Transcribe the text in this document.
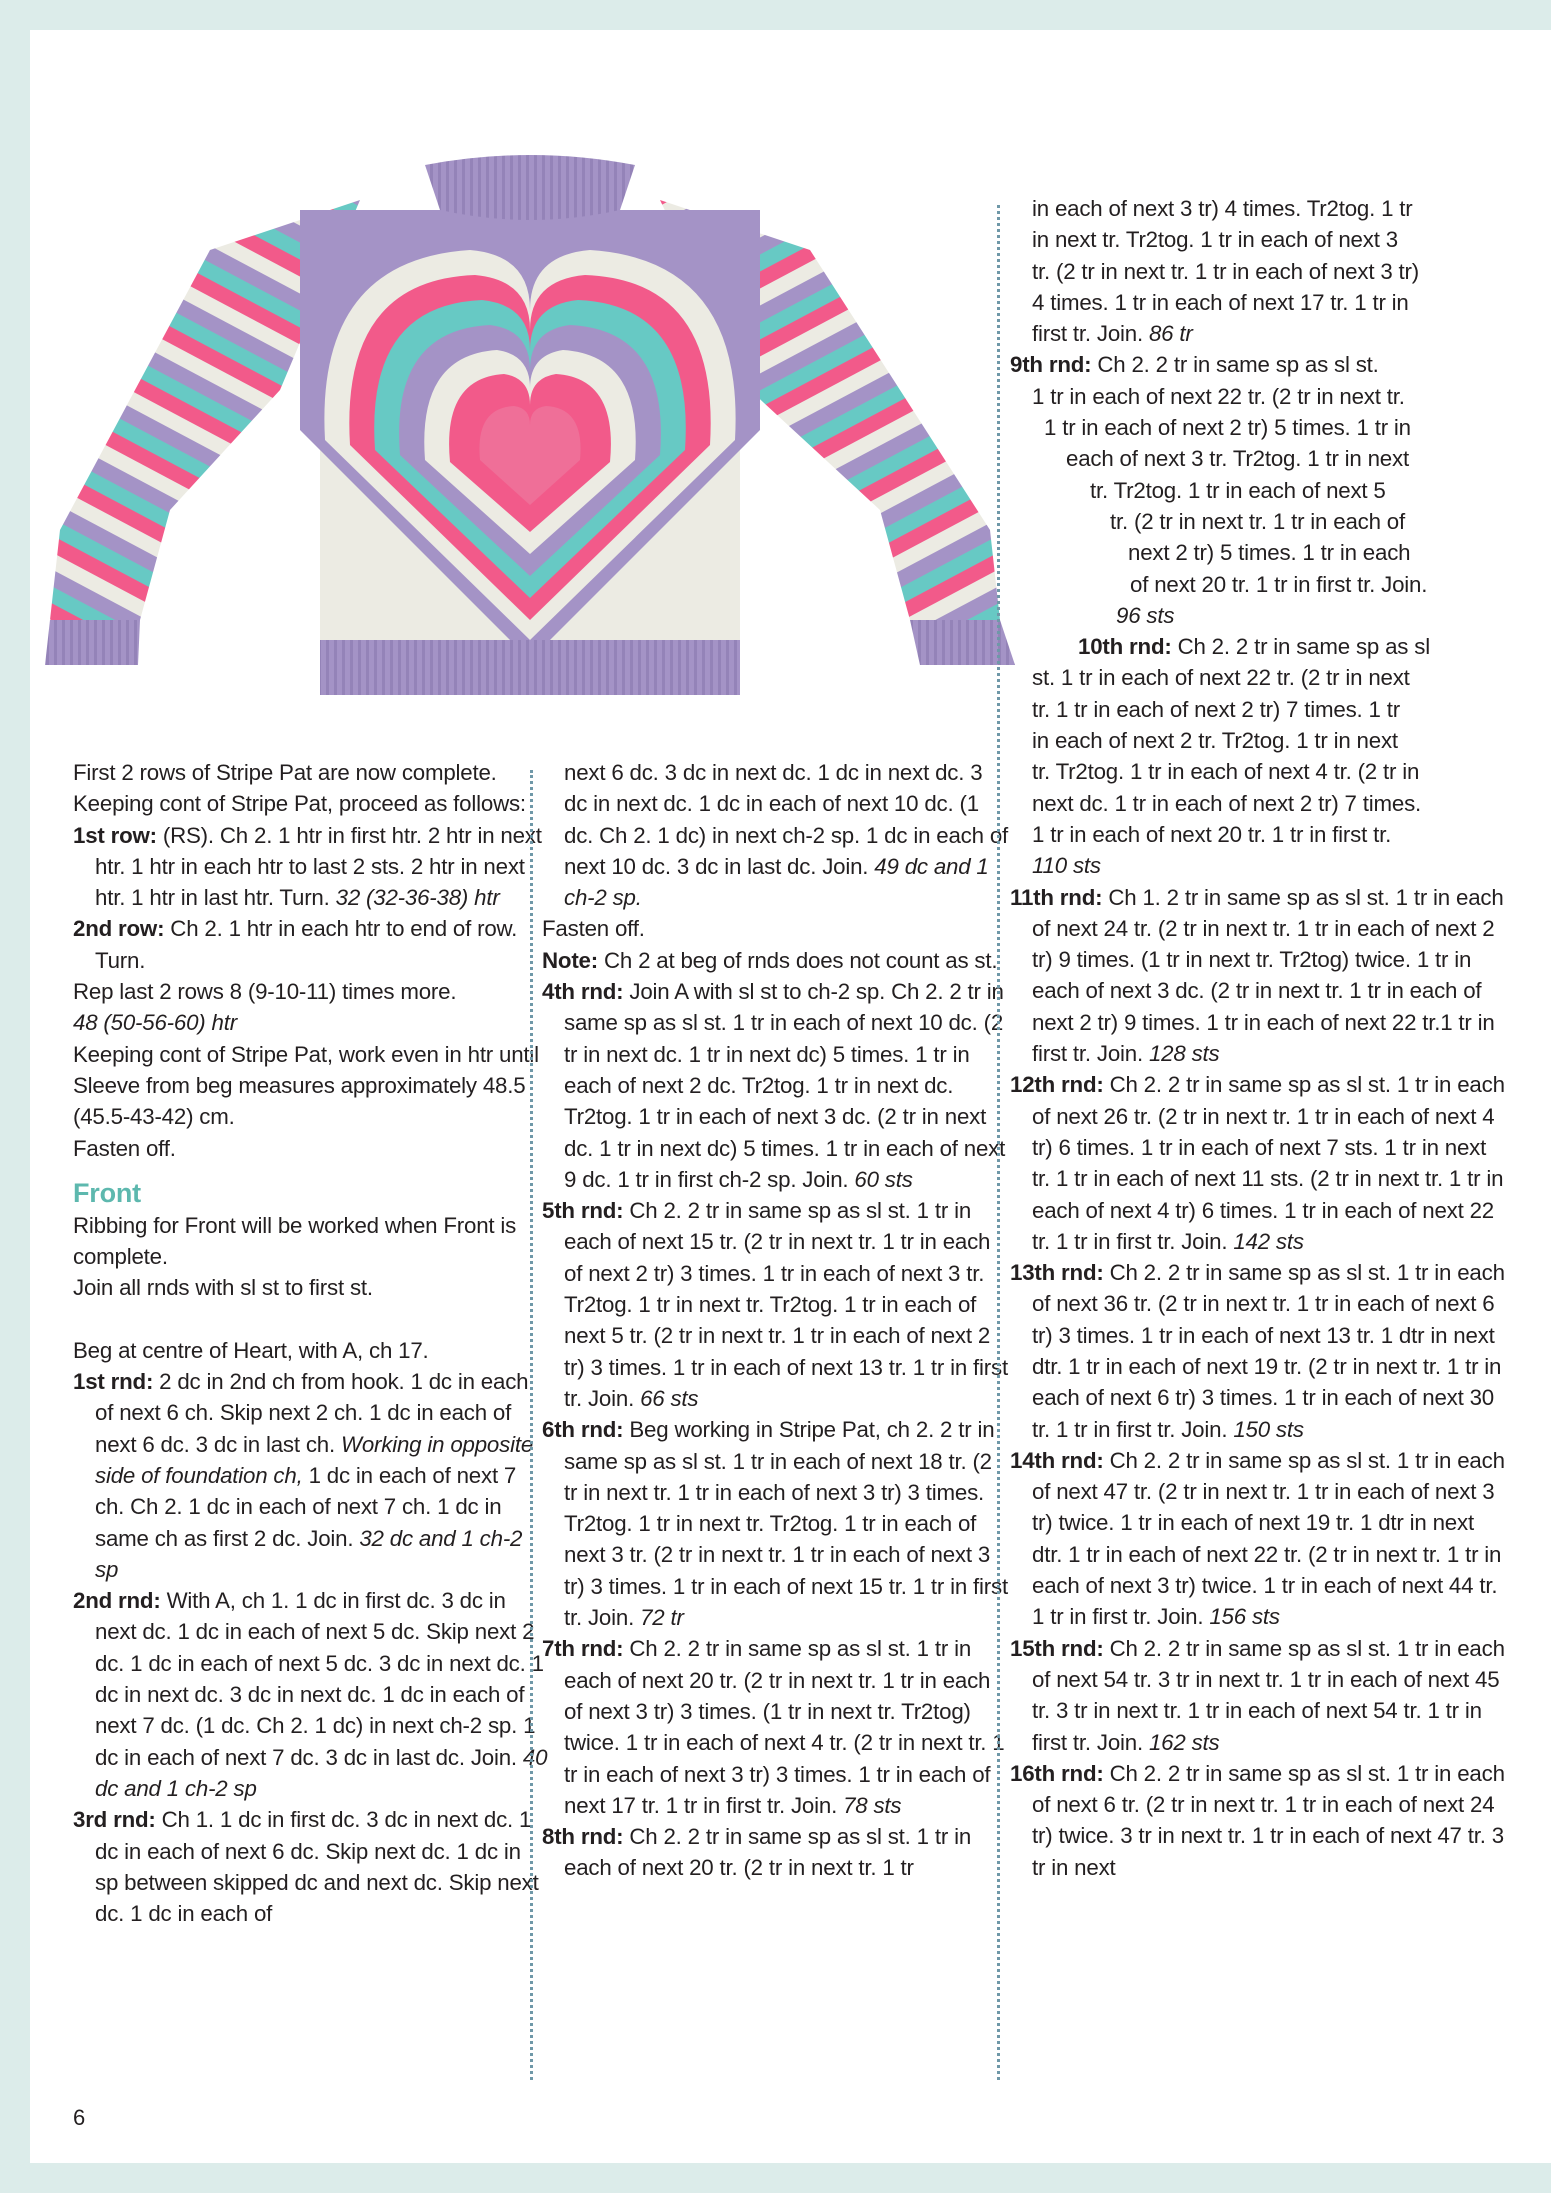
First 2 rows of Stripe Pat are now complete. Keeping cont of Stripe Pat, proceed as follows:

1st row: (RS). Ch 2. 1 htr in first htr. 2 htr in next htr. 1 htr in each htr to last 2 sts. 2 htr in next htr. 1 htr in last htr. Turn. 32 (32-36-38) htr

2nd row: Ch 2. 1 htr in each htr to end of row. Turn.

Rep last 2 rows 8 (9-10-11) times more.

48 (50-56-60) htr

Keeping cont of Stripe Pat, work even in htr until Sleeve from beg measures approximately 48.5 (45.5-43-42) cm.

Fasten off.

Front

Ribbing for Front will be worked when Front is complete.

Join all rnds with sl st to first st.

Beg at centre of Heart, with A, ch 17.

1st rnd: 2 dc in 2nd ch from hook. 1 dc in each of next 6 ch. Skip next 2 ch. 1 dc in each of next 6 dc. 3 dc in last ch. Working in opposite side of foundation ch, 1 dc in each of next 7 ch. Ch 2. 1 dc in each of next 7 ch. 1 dc in same ch as first 2 dc. Join. 32 dc and 1 ch-2 sp

2nd rnd: With A, ch 1. 1 dc in first dc. 3 dc in next dc. 1 dc in each of next 5 dc. Skip next 2 dc. 1 dc in each of next 5 dc. 3 dc in next dc. 1 dc in next dc. 3 dc in next dc. 1 dc in each of next 7 dc. (1 dc. Ch 2. 1 dc) in next ch-2 sp. 1 dc in each of next 7 dc. 3 dc in last dc. Join. 40 dc and 1 ch-2 sp

3rd rnd: Ch 1. 1 dc in first dc. 3 dc in next dc. 1 dc in each of next 6 dc. Skip next dc. 1 dc in sp between skipped dc and next dc. Skip next dc. 1 dc in each of

next 6 dc. 3 dc in next dc. 1 dc in next dc. 3 dc in next dc. 1 dc in each of next 10 dc. (1 dc. Ch 2. 1 dc) in next ch-2 sp. 1 dc in each of next 10 dc. 3 dc in last dc. Join. 49 dc and 1 ch-2 sp.

Fasten off.

Note: Ch 2 at beg of rnds does not count as st.

4th rnd: Join A with sl st to ch-2 sp. Ch 2. 2 tr in same sp as sl st. 1 tr in each of next 10 dc. (2 tr in next dc. 1 tr in next dc) 5 times. 1 tr in each of next 2 dc. Tr2tog. 1 tr in next dc. Tr2tog. 1 tr in each of next 3 dc. (2 tr in next dc. 1 tr in next dc) 5 times. 1 tr in each of next 9 dc. 1 tr in first ch-2 sp. Join. 60 sts

5th rnd: Ch 2. 2 tr in same sp as sl st. 1 tr in each of next 15 tr. (2 tr in next tr. 1 tr in each of next 2 tr) 3 times. 1 tr in each of next 3 tr. Tr2tog. 1 tr in next tr. Tr2tog. 1 tr in each of next 5 tr. (2 tr in next tr. 1 tr in each of next 2 tr) 3 times. 1 tr in each of next 13 tr. 1 tr in first tr. Join. 66 sts

6th rnd: Beg working in Stripe Pat, ch 2. 2 tr in same sp as sl st. 1 tr in each of next 18 tr. (2 tr in next tr. 1 tr in each of next 3 tr) 3 times. Tr2tog. 1 tr in next tr. Tr2tog. 1 tr in each of next 3 tr. (2 tr in next tr. 1 tr in each of next 3 tr) 3 times. 1 tr in each of next 15 tr. 1 tr in first tr. Join. 72 tr

7th rnd: Ch 2. 2 tr in same sp as sl st. 1 tr in each of next 20 tr. (2 tr in next tr. 1 tr in each of next 3 tr) 3 times. (1 tr in next tr. Tr2tog) twice. 1 tr in each of next 4 tr. (2 tr in next tr. 1 tr in each of next 3 tr) 3 times. 1 tr in each of next 17 tr. 1 tr in first tr. Join. 78 sts

8th rnd: Ch 2. 2 tr in same sp as sl st. 1 tr in each of next 20 tr. (2 tr in next tr. 1 tr

in each of next 3 tr) 4 times. Tr2tog. 1 tr
in next tr. Tr2tog. 1 tr in each of next 3
tr. (2 tr in next tr. 1 tr in each of next 3 tr)
4 times. 1 tr in each of next 17 tr. 1 tr in
first tr. Join. 86 tr
9th rnd: Ch 2. 2 tr in same sp as sl st.
1 tr in each of next 22 tr. (2 tr in next tr.
1 tr in each of next 2 tr) 5 times. 1 tr in
each of next 3 tr. Tr2tog. 1 tr in next
tr. Tr2tog. 1 tr in each of next 5
tr. (2 tr in next tr. 1 tr in each of
next 2 tr) 5 times. 1 tr in each
of next 20 tr. 1 tr in first tr. Join.
96 sts
10th rnd: Ch 2. 2 tr in same sp as sl
st. 1 tr in each of next 22 tr. (2 tr in next
tr. 1 tr in each of next 2 tr) 7 times. 1 tr
in each of next 2 tr. Tr2tog. 1 tr in next
tr. Tr2tog. 1 tr in each of next 4 tr. (2 tr in
next dc. 1 tr in each of next 2 tr) 7 times.
1 tr in each of next 20 tr. 1 tr in first tr.
110 sts

11th rnd: Ch 1. 2 tr in same sp as sl st. 1 tr in each of next 24 tr. (2 tr in next tr. 1 tr in each of next 2 tr) 9 times. (1 tr in next tr. Tr2tog) twice. 1 tr in each of next 3 dc. (2 tr in next tr. 1 tr in each of next 2 tr) 9 times. 1 tr in each of next 22 tr.1 tr in first tr. Join. 128 sts

12th rnd: Ch 2. 2 tr in same sp as sl st. 1 tr in each of next 26 tr. (2 tr in next tr. 1 tr in each of next 4 tr) 6 times. 1 tr in each of next 7 sts. 1 tr in next tr. 1 tr in each of next 11 sts. (2 tr in next tr. 1 tr in each of next 4 tr) 6 times. 1 tr in each of next 22 tr. 1 tr in first tr. Join. 142 sts

13th rnd: Ch 2. 2 tr in same sp as sl st. 1 tr in each of next 36 tr. (2 tr in next tr. 1 tr in each of next 6 tr) 3 times. 1 tr in each of next 13 tr. 1 dtr in next dtr. 1 tr in each of next 19 tr. (2 tr in next tr. 1 tr in each of next 6 tr) 3 times. 1 tr in each of next 30 tr. 1 tr in first tr. Join. 150 sts

14th rnd: Ch 2. 2 tr in same sp as sl st. 1 tr in each of next 47 tr. (2 tr in next tr. 1 tr in each of next 3 tr) twice. 1 tr in each of next 19 tr. 1 dtr in next dtr. 1 tr in each of next 22 tr. (2 tr in next tr. 1 tr in each of next 3 tr) twice. 1 tr in each of next 44 tr. 1 tr in first tr. Join. 156 sts

15th rnd: Ch 2. 2 tr in same sp as sl st. 1 tr in each of next 54 tr. 3 tr in next tr. 1 tr in each of next 45 tr. 3 tr in next tr. 1 tr in each of next 54 tr. 1 tr in first tr. Join. 162 sts

16th rnd: Ch 2. 2 tr in same sp as sl st. 1 tr in each of next 6 tr. (2 tr in next tr. 1 tr in each of next 24 tr) twice. 3 tr in next tr. 1 tr in each of next 47 tr. 3 tr in next

6
